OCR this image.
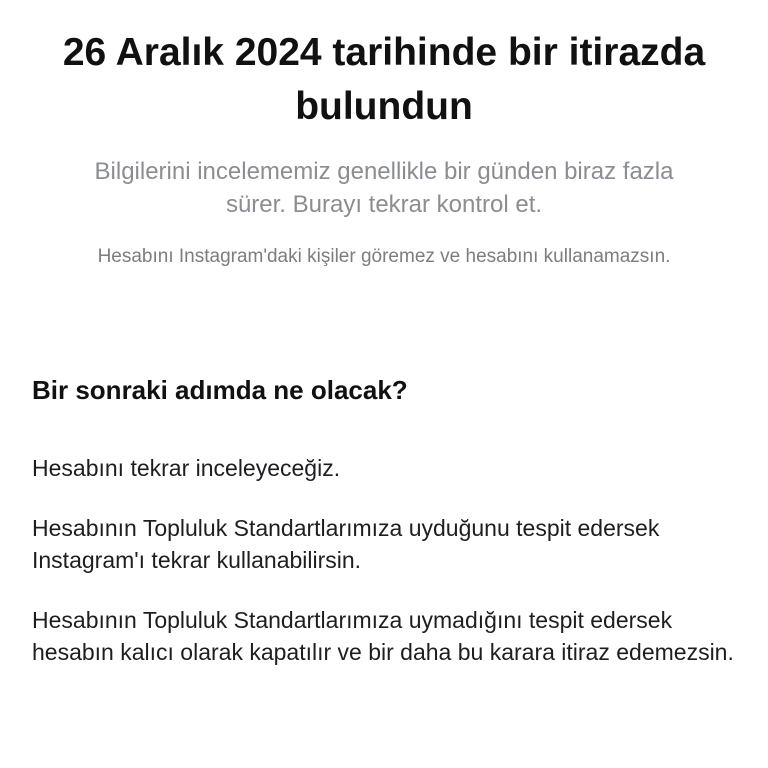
26 Aralık 2024 tarihinde bir itirazda bulundun

Bilgilerini incelememiz genellikle bir günden biraz fazla sürer. Burayı tekrar kontrol et.

Hesabını Instagram'daki kişiler göremez ve hesabını kullanamazsın.

Bir sonraki adımda ne olacak?

Hesabını tekrar inceleyeceğiz.

Hesabının Topluluk Standartlarımıza uyduğunu tespit edersek Instagram'ı tekrar kullanabilirsin.

Hesabının Topluluk Standartlarımıza uymadığını tespit edersek hesabın kalıcı olarak kapatılır ve bir daha bu karara itiraz edemezsin.
